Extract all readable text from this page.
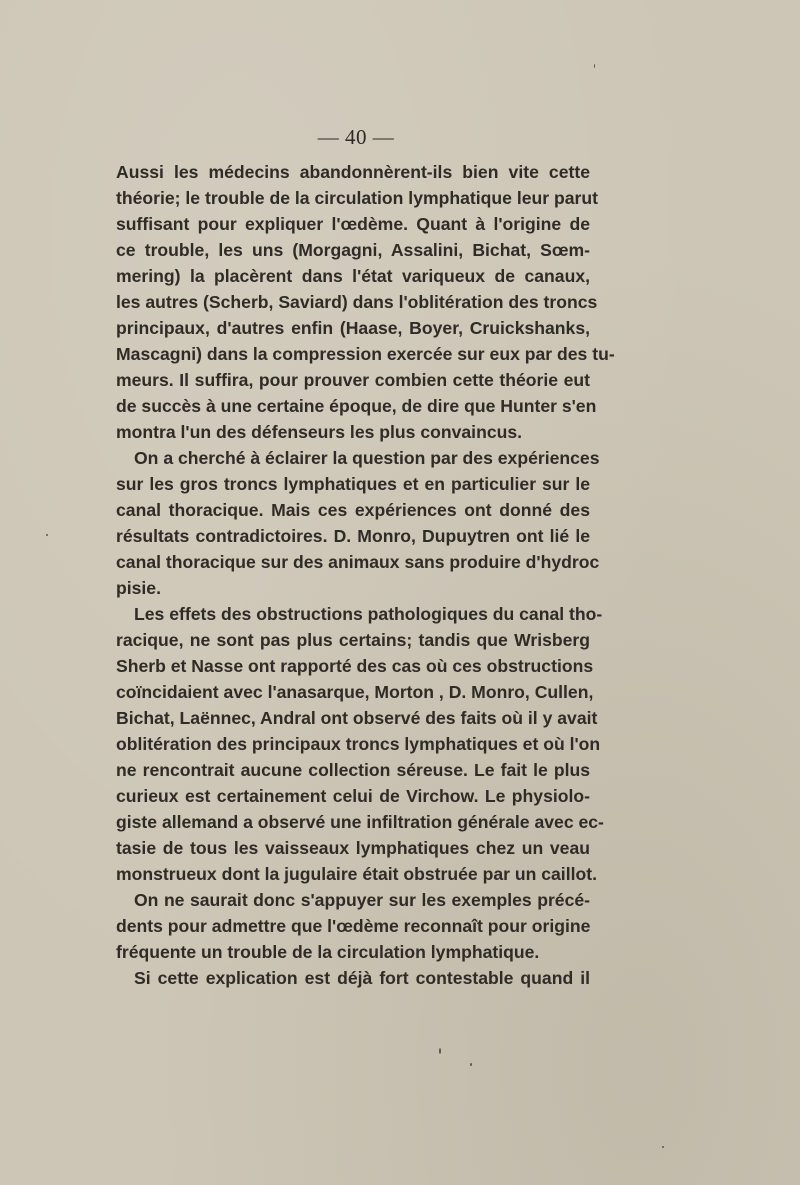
— 40 —
Aussi les médecins abandonnèrent-ils bien vite cette
théorie; le trouble de la circulation lymphatique leur parut
suffisant pour expliquer l'œdème. Quant à l'origine de
ce trouble, les uns (Morgagni, Assalini, Bichat, Sœm-
mering) la placèrent dans l'état variqueux de canaux,
les autres (Scherb, Saviard) dans l'oblitération des troncs
principaux, d'autres enfin (Haase, Boyer, Cruickshanks,
Mascagni) dans la compression exercée sur eux par des tu-
meurs. Il suffira, pour prouver combien cette théorie eut
de succès à une certaine époque, de dire que Hunter s'en
montra l'un des défenseurs les plus convaincus.
On a cherché à éclairer la question par des expériences
sur les gros troncs lymphatiques et en particulier sur le
canal thoracique. Mais ces expériences ont donné des
résultats contradictoires. D. Monro, Dupuytren ont lié le
canal thoracique sur des animaux sans produire d'hydroc
pisie.
Les effets des obstructions pathologiques du canal tho-
racique, ne sont pas plus certains; tandis que Wrisberg
Sherb et Nasse ont rapporté des cas où ces obstructions
coïncidaient avec l'anasarque, Morton , D. Monro, Cullen,
Bichat, Laënnec, Andral ont observé des faits où il y avait
oblitération des principaux troncs lymphatiques et où l'on
ne rencontrait aucune collection séreuse. Le fait le plus
curieux est certainement celui de Virchow. Le physiolo-
giste allemand a observé une infiltration générale avec ec-
tasie de tous les vaisseaux lymphatiques chez un veau
monstrueux dont la jugulaire était obstruée par un caillot.
On ne saurait donc s'appuyer sur les exemples précé-
dents pour admettre que l'œdème reconnaît pour origine
fréquente un trouble de la circulation lymphatique.
Si cette explication est déjà fort contestable quand il
